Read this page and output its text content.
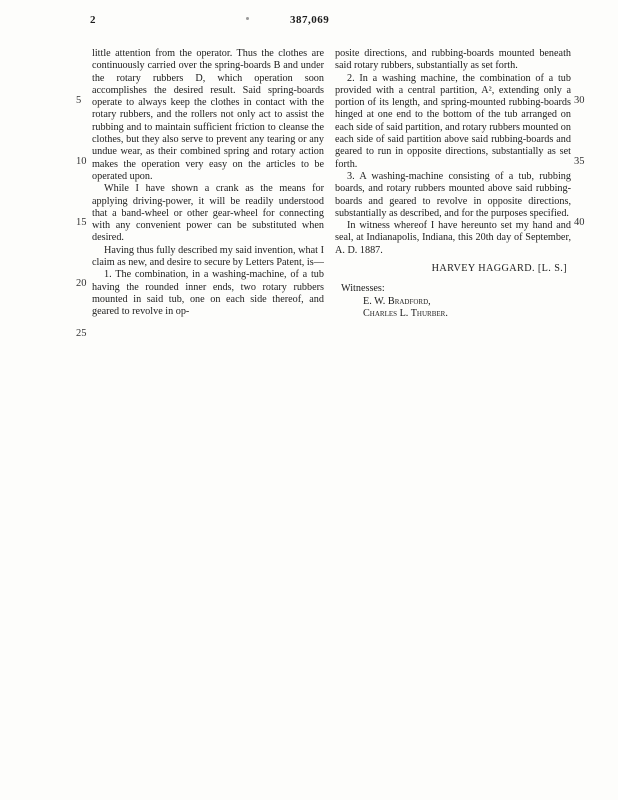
2	387,069

little attention from the operator. Thus the clothes are continuously carried over the spring-boards B and under the rotary rubbers D, which operation soon accomplishes the desired result. Said spring-boards operate to always keep the clothes in contact with the rotary rubbers, and the rollers not only act to assist the rubbing and to maintain sufficient friction to cleanse the clothes, but they also serve to prevent any tearing or any undue wear, as their combined spring and rotary action makes the operation very easy on the articles to be operated upon.

While I have shown a crank as the means for applying driving-power, it will be readily understood that a band-wheel or other gear-wheel for connecting with any convenient power can be substituted when desired.

Having thus fully described my said invention, what I claim as new, and desire to secure by Letters Patent, is—

1. The combination, in a washing-machine, of a tub having the rounded inner ends, two rotary rubbers mounted in said tub, one on each side thereof, and geared to revolve in op-

posite directions, and rubbing-boards mounted beneath said rotary rubbers, substantially as set forth.

2. In a washing machine, the combination of a tub provided with a central partition, A², extending only a portion of its length, and spring-mounted rubbing-boards hinged at one end to the bottom of the tub arranged on each side of said partition, and rotary rubbers mounted on each side of said partition above said rubbing-boards and geared to run in opposite directions, substantially as set forth.

3. A washing-machine consisting of a tub, rubbing boards, and rotary rubbers mounted above said rubbing-boards and geared to revolve in opposite directions, substantially as described, and for the purposes specified.

In witness whereof I have hereunto set my hand and seal, at Indianapolis, Indiana, this 20th day of September, A. D. 1887.

HARVEY HAGGARD. [L. S.]
Witnesses:
E. W. Bradford,
Charles L. Thurber.
5
10
15
20
25
30
35
40
